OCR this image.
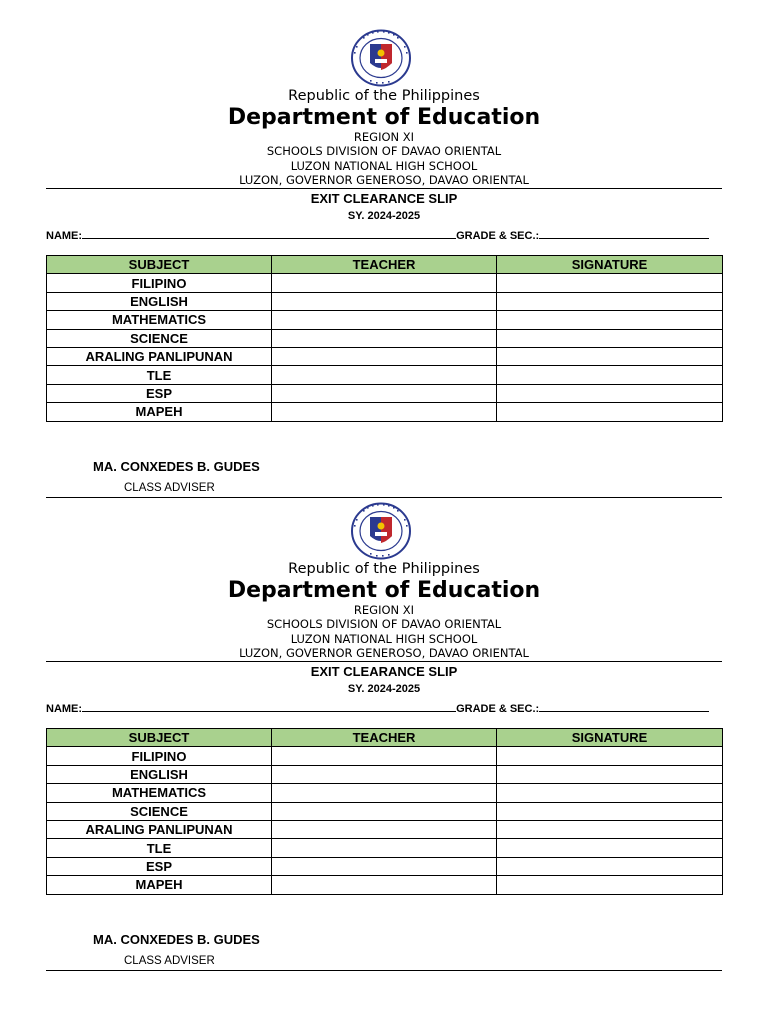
Republic of the Philippines
Department of Education
REGION XI
SCHOOLS DIVISION OF DAVAO ORIENTAL
LUZON NATIONAL HIGH SCHOOL
LUZON, GOVERNOR GENEROSO, DAVAO ORIENTAL
EXIT CLEARANCE SLIP
SY. 2024-2025
NAME:	GRADE & SEC.:
SUBJECT	TEACHER	SIGNATURE
FILIPINO		
ENGLISH		
MATHEMATICS		
SCIENCE		
ARALING PANLIPUNAN		
TLE		
ESP		
MAPEH		
MA. CONXEDES B. GUDES
CLASS ADVISER
Republic of the Philippines
Department of Education
REGION XI
SCHOOLS DIVISION OF DAVAO ORIENTAL
LUZON NATIONAL HIGH SCHOOL
LUZON, GOVERNOR GENEROSO, DAVAO ORIENTAL
EXIT CLEARANCE SLIP
SY. 2024-2025
NAME:	GRADE & SEC.:
SUBJECT	TEACHER	SIGNATURE
FILIPINO		
ENGLISH		
MATHEMATICS		
SCIENCE		
ARALING PANLIPUNAN		
TLE		
ESP		
MAPEH		
MA. CONXEDES B. GUDES
CLASS ADVISER
